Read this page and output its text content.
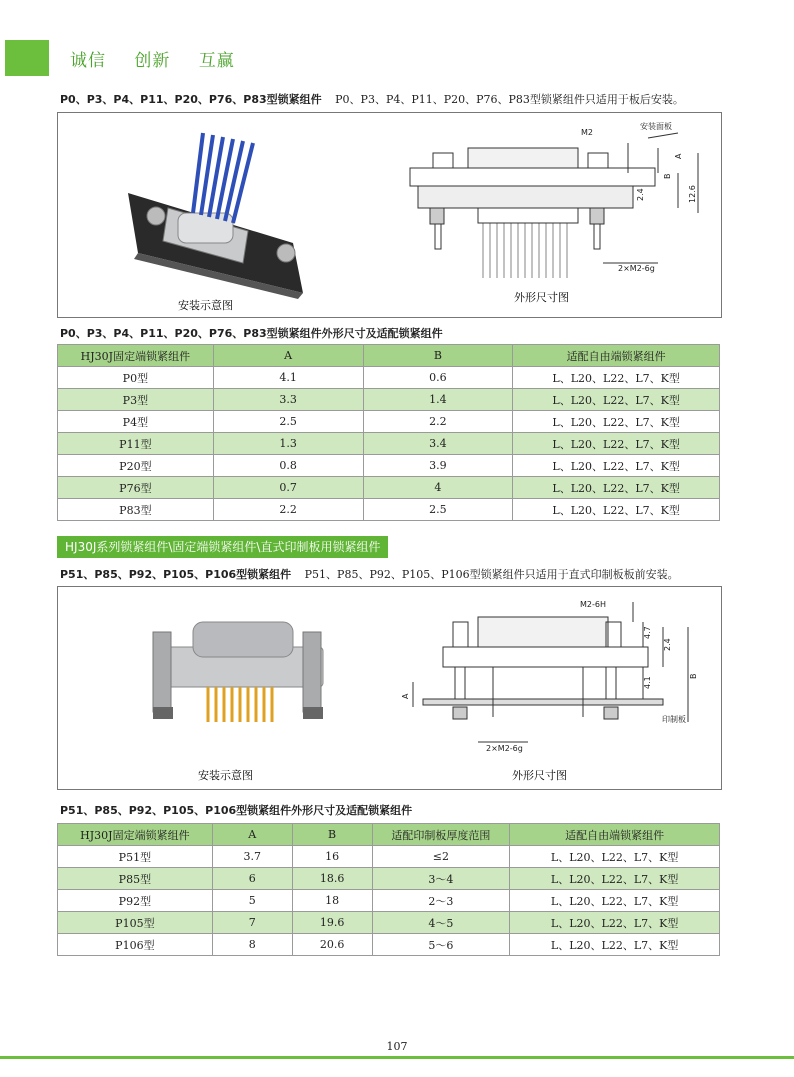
诚信 创新 互赢
P0、P3、P4、P11、P20、P76、P83型锁紧组件 P0、P3、P4、P11、P20、P76、P83型锁紧组件只适用于板后安装。
安装示意图
M2
安装面板
A
B
2.4	12.6
2×M2-6g
外形尺寸图
P0、P3、P4、P11、P20、P76、P83型锁紧组件外形尺寸及适配锁紧组件
HJ30J固定端锁紧组件	A	B	适配自由端锁紧组件
P0型	4.1	0.6	L、L20、L22、L7、K型
P3型	3.3	1.4	L、L20、L22、L7、K型
P4型	2.5	2.2	L、L20、L22、L7、K型
P11型	1.3	3.4	L、L20、L22、L7、K型
P20型	0.8	3.9	L、L20、L22、L7、K型
P76型	0.7	4	L、L20、L22、L7、K型
P83型	2.2	2.5	L、L20、L22、L7、K型
HJ30J系列锁紧组件\固定端锁紧组件\直式印制板用锁紧组件
P51、P85、P92、P105、P106型锁紧组件 P51、P85、P92、P105、P106型锁紧组件只适用于直式印制板板前安装。
安装示意图
M2-6H
4.7
2.4
4.1
A
B
印制板
2×M2-6g
外形尺寸图
P51、P85、P92、P105、P106型锁紧组件外形尺寸及适配锁紧组件
HJ30J固定端锁紧组件	A	B	适配印制板厚度范围	适配自由端锁紧组件
P51型	3.7	16	≤2	L、L20、L22、L7、K型
P85型	6	18.6	3～4	L、L20、L22、L7、K型
P92型	5	18	2～3	L、L20、L22、L7、K型
P105型	7	19.6	4～5	L、L20、L22、L7、K型
P106型	8	20.6	5～6	L、L20、L22、L7、K型
107
